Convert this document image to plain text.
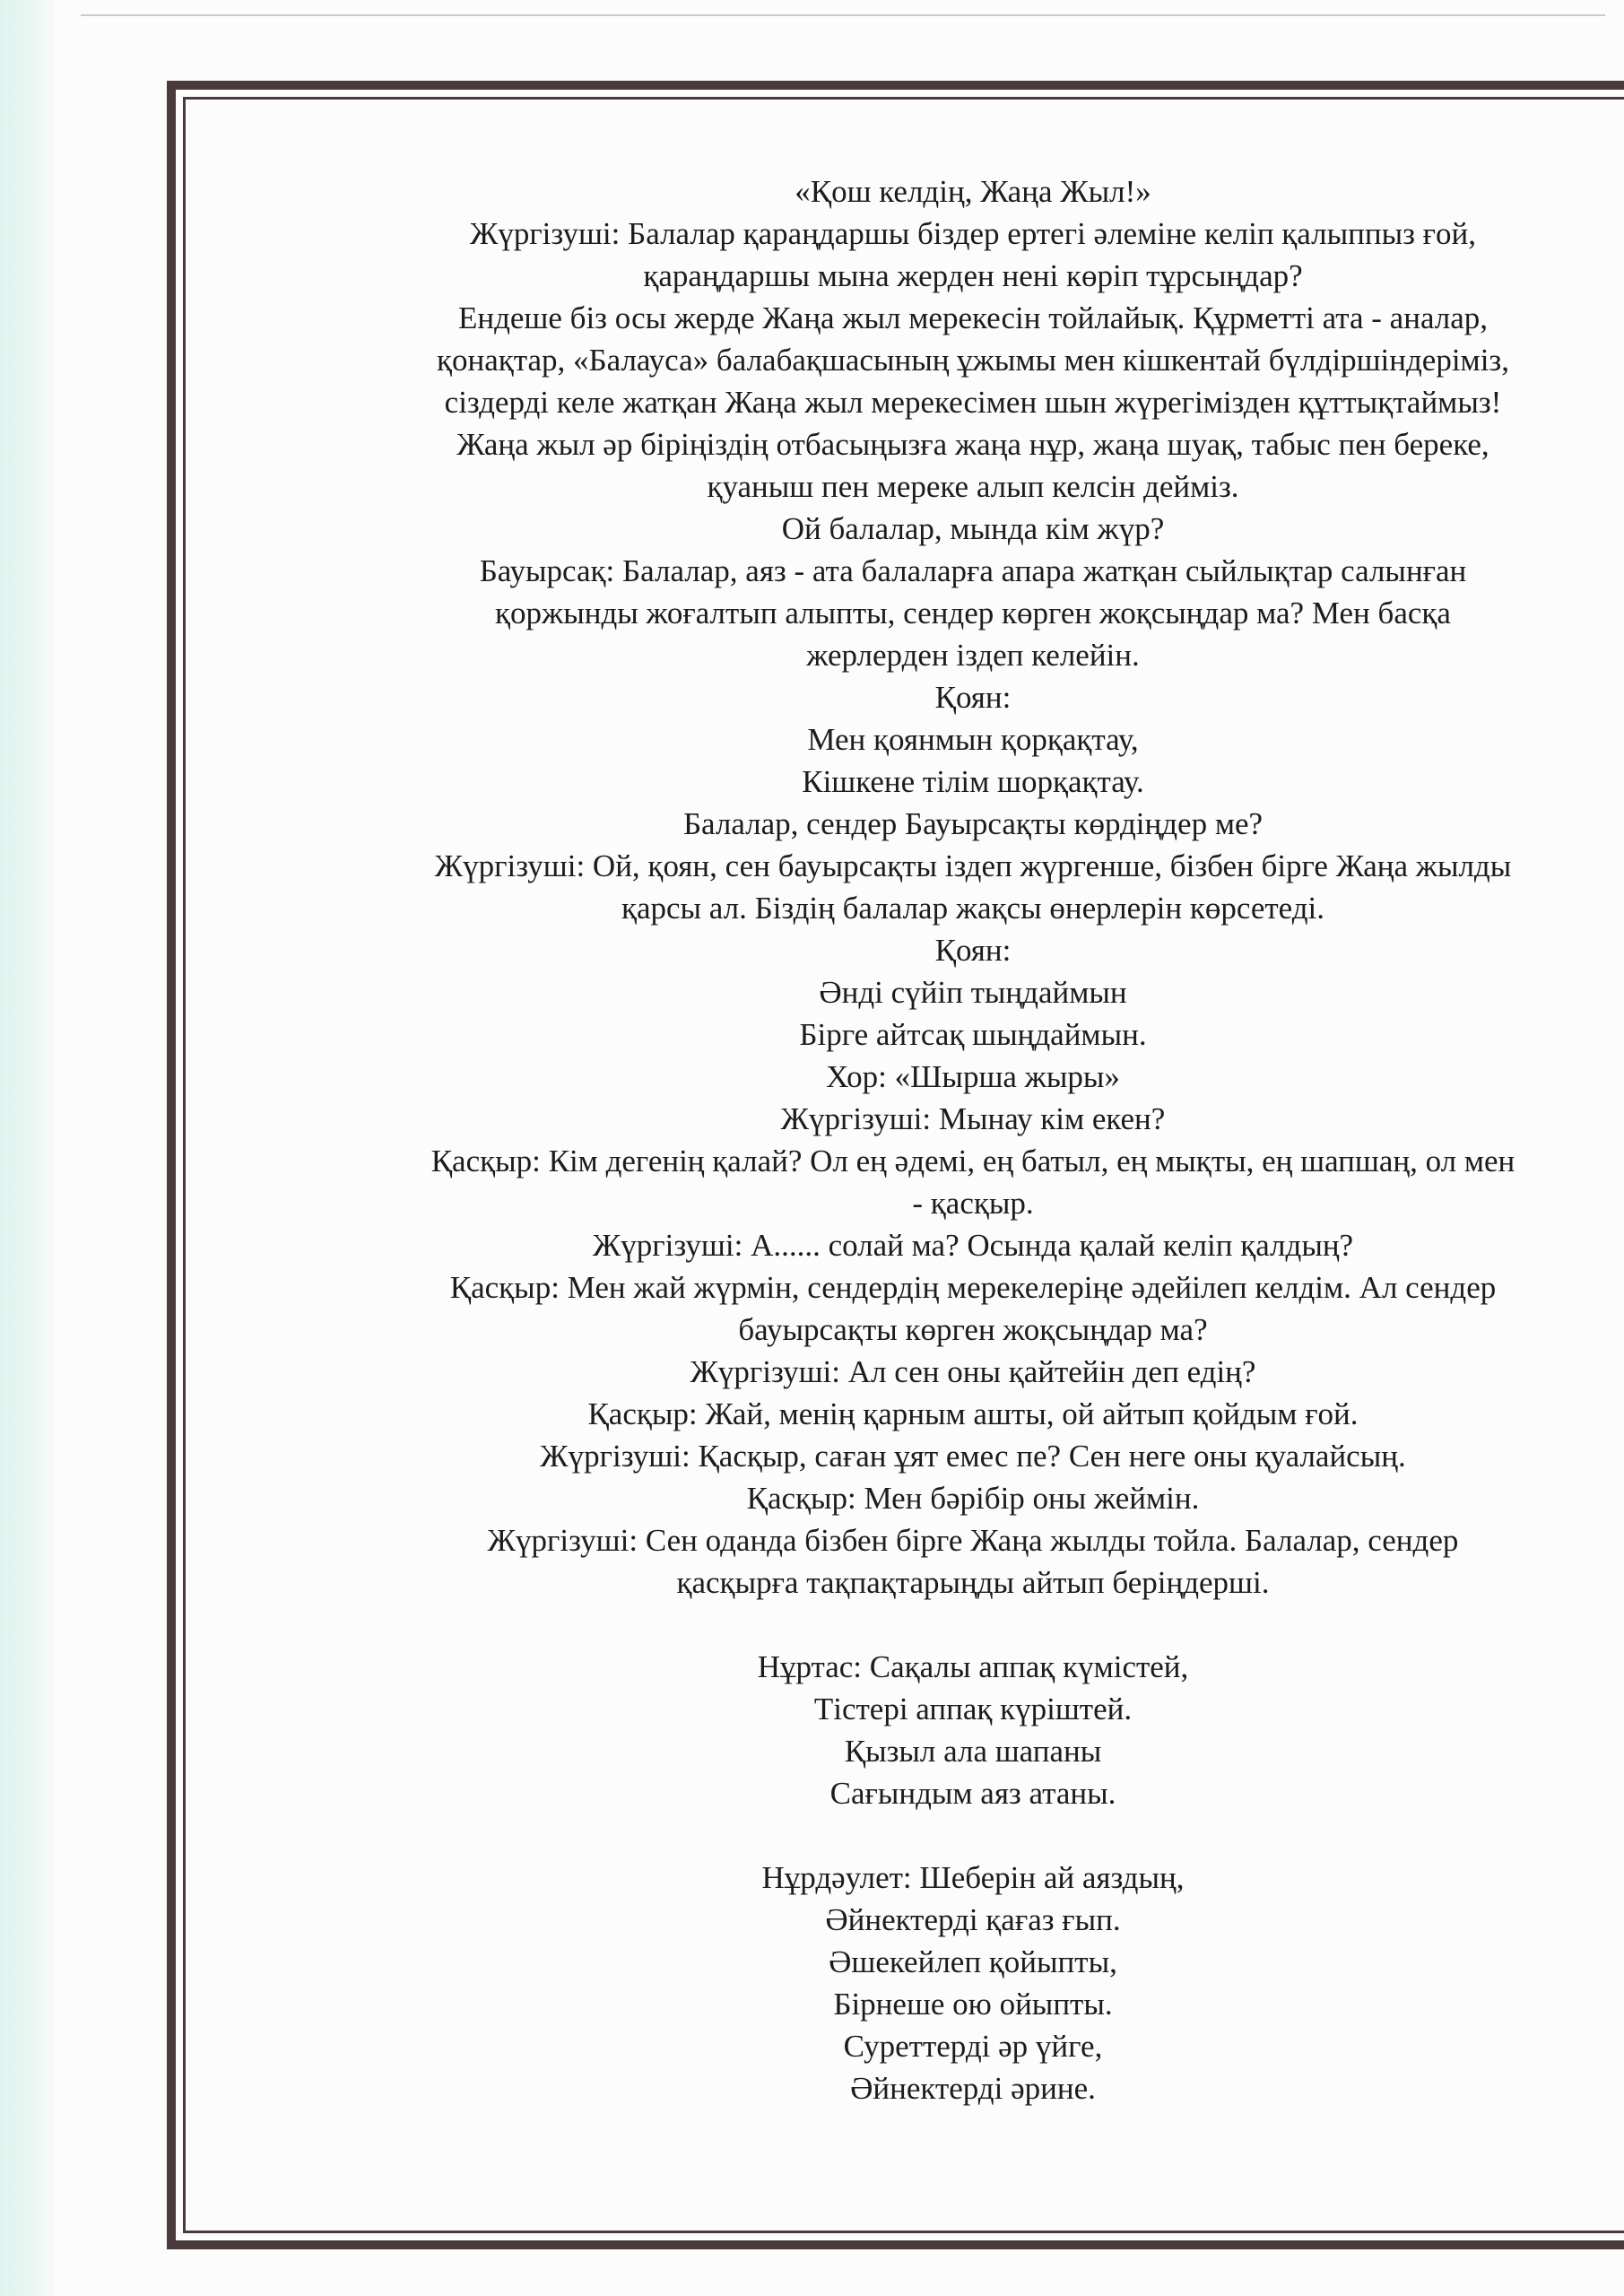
«Қош келдің, Жаңа Жыл!»
Жүргізуші: Балалар қараңдаршы біздер ертегі әлеміне келіп қалыппыз ғой,
қараңдаршы мына жерден нені көріп тұрсыңдар?
Ендеше біз осы жерде Жаңа жыл мерекесін тойлайық. Құрметті ата - аналар,
қонақтар, «Балауса» балабақшасының ұжымы мен кішкентай бүлдіршіндеріміз,
сіздерді келе жатқан Жаңа жыл мерекесімен шын жүрегімізден құттықтаймыз!
Жаңа жыл әр біріңіздің отбасыңызға жаңа нұр, жаңа шуақ, табыс пен береке,
қуаныш пен мереке алып келсін дейміз.
Ой балалар, мында кім жүр?
Бауырсақ: Балалар, аяз - ата балаларға апара жатқан сыйлықтар салынған
қоржынды жоғалтып алыпты, сендер көрген жоқсыңдар ма? Мен басқа
жерлерден іздеп келейін.
Қоян:
Мен қоянмын қорқақтау,
Кішкене тілім шорқақтау.
Балалар, сендер Бауырсақты көрдіңдер ме?
Жүргізуші: Ой, қоян, сен бауырсақты іздеп жүргенше, бізбен бірге Жаңа жылды
қарсы ал. Біздің балалар жақсы өнерлерін көрсетеді.
Қоян:
Әнді сүйіп тыңдаймын
Бірге айтсақ шыңдаймын.
Хор: «Шырша жыры»
Жүргізуші: Мынау кім екен?
Қасқыр: Кім дегенің қалай? Ол ең әдемі, ең батыл, ең мықты, ең шапшаң, ол мен
- қасқыр.
Жүргізуші: А...... солай ма? Осында қалай келіп қалдың?
Қасқыр: Мен жай жүрмін, сендердің мерекелеріңе әдейілеп келдім. Ал сендер
бауырсақты көрген жоқсыңдар ма?
Жүргізуші: Ал сен оны қайтейін деп едің?
Қасқыр: Жай, менің қарным ашты, ой айтып қойдым ғой.
Жүргізуші: Қасқыр, саған ұят емес пе? Сен неге оны қуалайсың.
Қасқыр: Мен бәрібір оны жеймін.
Жүргізуші: Сен оданда бізбен бірге Жаңа жылды тойла. Балалар, сендер
қасқырға тақпақтарыңды айтып беріңдерші.
Нұртас: Сақалы аппақ күмістей,
Тістері аппақ күріштей.
Қызыл ала шапаны
Сағындым аяз атаны.
Нұрдәулет: Шеберін ай аяздың,
Әйнектерді қағаз ғып.
Әшекейлеп қойыпты,
Бірнеше ою ойыпты.
Суреттерді әр үйге,
Әйнектерді әрине.
